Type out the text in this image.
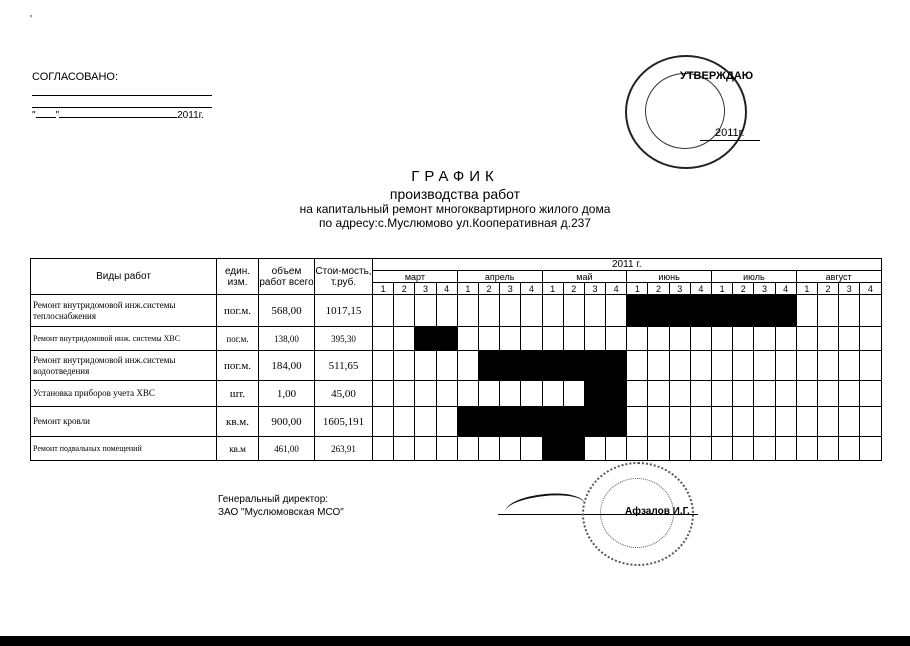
'
СОГЛАСОВАНО:
" "	2011г.
УТВЕРЖДАЮ
2011г.
ГРАФИК
производства работ
на капитальный ремонт многоквартирного жилого дома
по адресу:с.Муслюмово ул.Кооперативная д.237
Виды работ	един. изм.	объем работ всего	Стои-мость, т.руб.	2011 г.																							
				март				апрель				май				июнь				июль				август			
				1	2	3	4	1	2	3	4	1	2	3	4	1	2	3	4	1	2	3	4	1	2	3	4
Ремонт внутридомовой инж.системы теплоснабжения	пог.м.	568,00	1017,15																								
Ремонт внутридомовой инж. системы ХВС	пог.м.	138,00	395,30																								
Ремонт внутридомовой инж.системы водоотведения	пог.м.	184,00	511,65																								
Установка приборов учета ХВС	шт.	1,00	45,00																								
Ремонт кровли	кв.м.	900,00	1605,191																								
Ремонт подвальных помещений	кв.м	461,00	263,91																								
Генеральный директор:
ЗАО "Муслюмовская МСО"	Афзалов И.Г.
